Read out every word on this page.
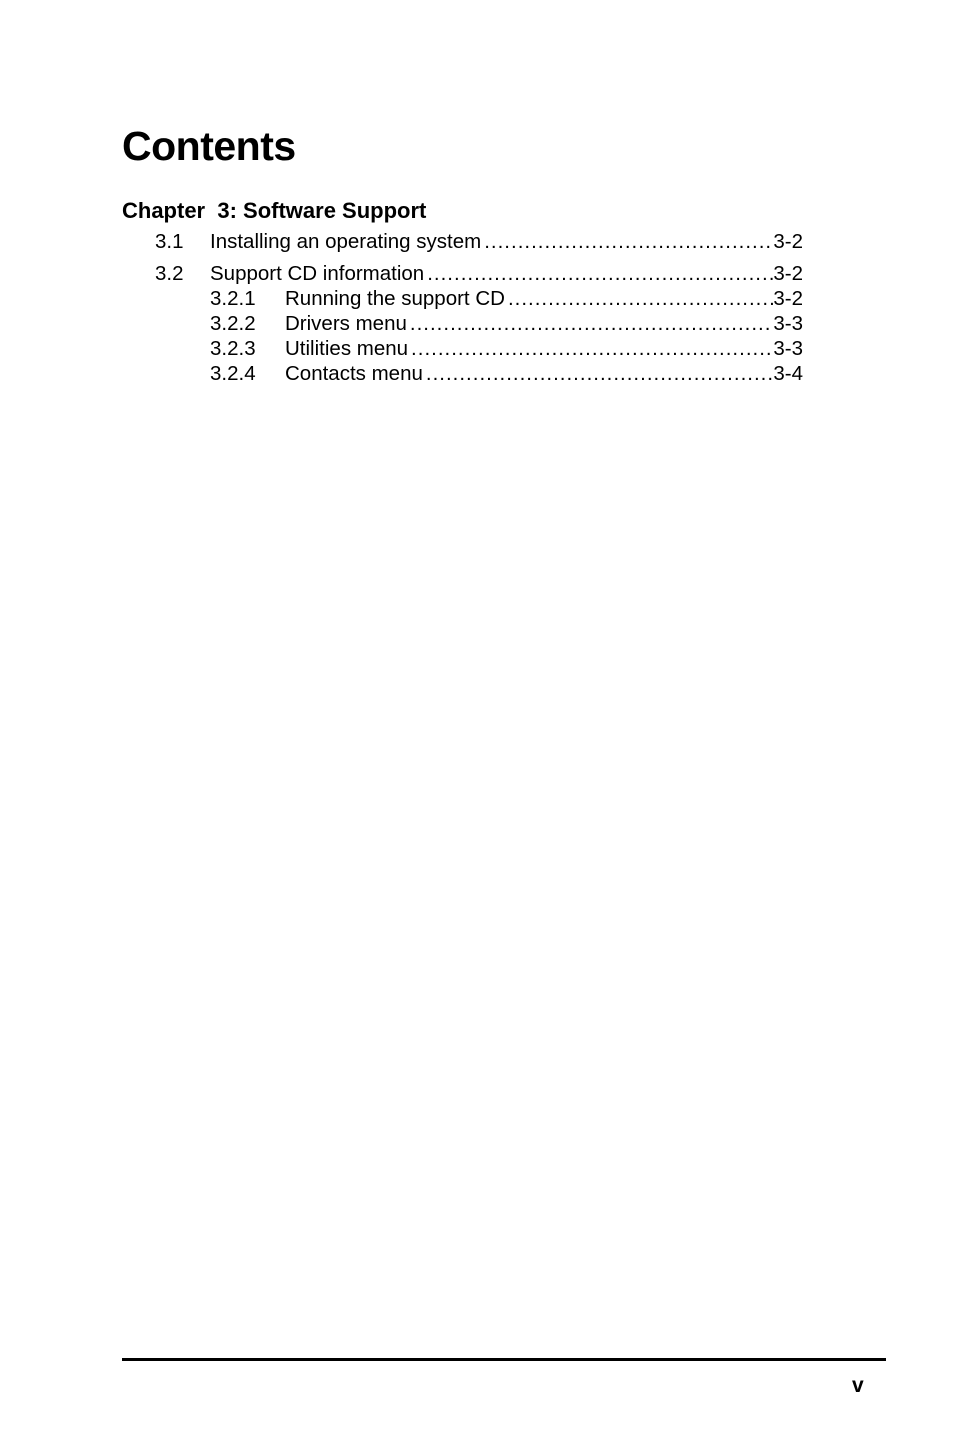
Contents
Chapter  3: Software Support
3.1	Installing an operating system .....	3-2
3.2	Support CD information .....	3-2
3.2.1	Running the support CD .....	3-2
3.2.2	Drivers menu .....	3-3
3.2.3	Utilities menu .....	3-3
3.2.4	Contacts menu .....	3-4
v
